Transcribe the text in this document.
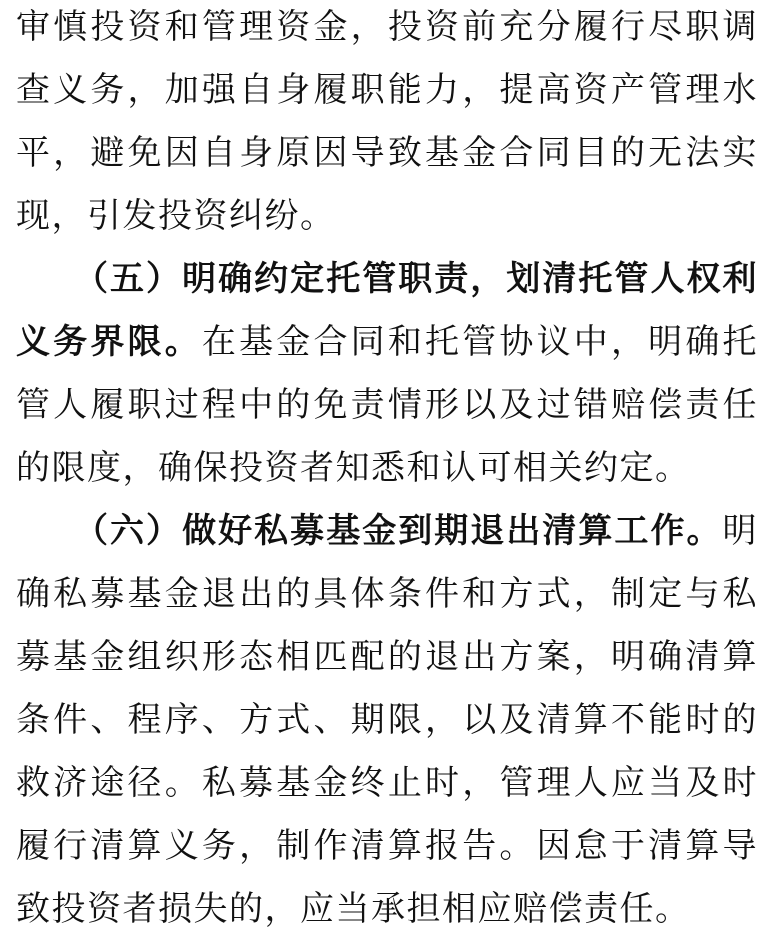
审慎投资和管理资金，投资前充分履行尽职调查义务，加强自身履职能力，提高资产管理水平，避免因自身原因导致基金合同目的无法实现，引发投资纠纷。

（五）明确约定托管职责，划清托管人权利义务界限。在基金合同和托管协议中，明确托管人履职过程中的免责情形以及过错赔偿责任的限度，确保投资者知悉和认可相关约定。

（六）做好私募基金到期退出清算工作。明确私募基金退出的具体条件和方式，制定与私募基金组织形态相匹配的退出方案，明确清算条件、程序、方式、期限，以及清算不能时的救济途径。私募基金终止时，管理人应当及时履行清算义务，制作清算报告。因怠于清算导致投资者损失的，应当承担相应赔偿责任。
